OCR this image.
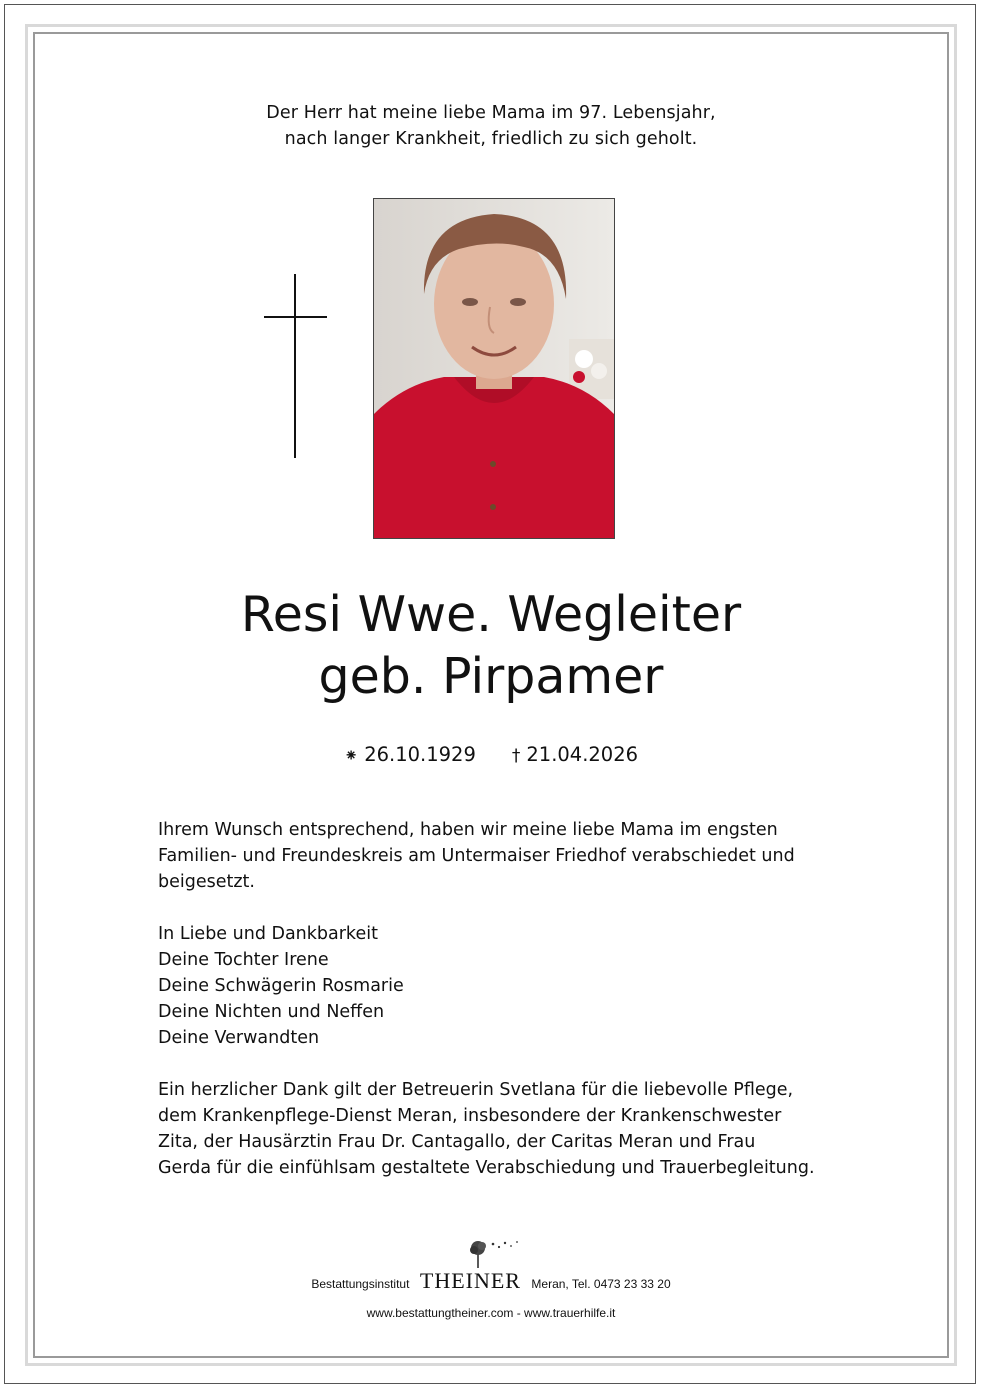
Der Herr hat meine liebe Mama im 97. Lebensjahr,
nach langer Krankheit, friedlich zu sich geholt.
Resi Wwe. Wegleiter
geb. Pirpamer
⁕ 26.10.1929 † 21.04.2026

Ihrem Wunsch entsprechend, haben wir meine liebe Mama im engsten
Familien- und Freundeskreis am Untermaiser Friedhof verabschiedet und
beigesetzt.

In Liebe und Dankbarkeit
Deine Tochter Irene
Deine Schwägerin Rosmarie
Deine Nichten und Neffen
Deine Verwandten

Ein herzlicher Dank gilt der Betreuerin Svetlana für die liebevolle Pflege,
dem Krankenpflege-Dienst Meran, insbesondere der Krankenschwester
Zita, der Hausärztin Frau Dr. Cantagallo, der Caritas Meran und Frau
Gerda für die einfühlsam gestaltete Verabschiedung und Trauerbegleitung.

Bestattungsinstitut THEINER Meran, Tel. 0473 23 33 20
www.bestattungtheiner.com - www.trauerhilfe.it
